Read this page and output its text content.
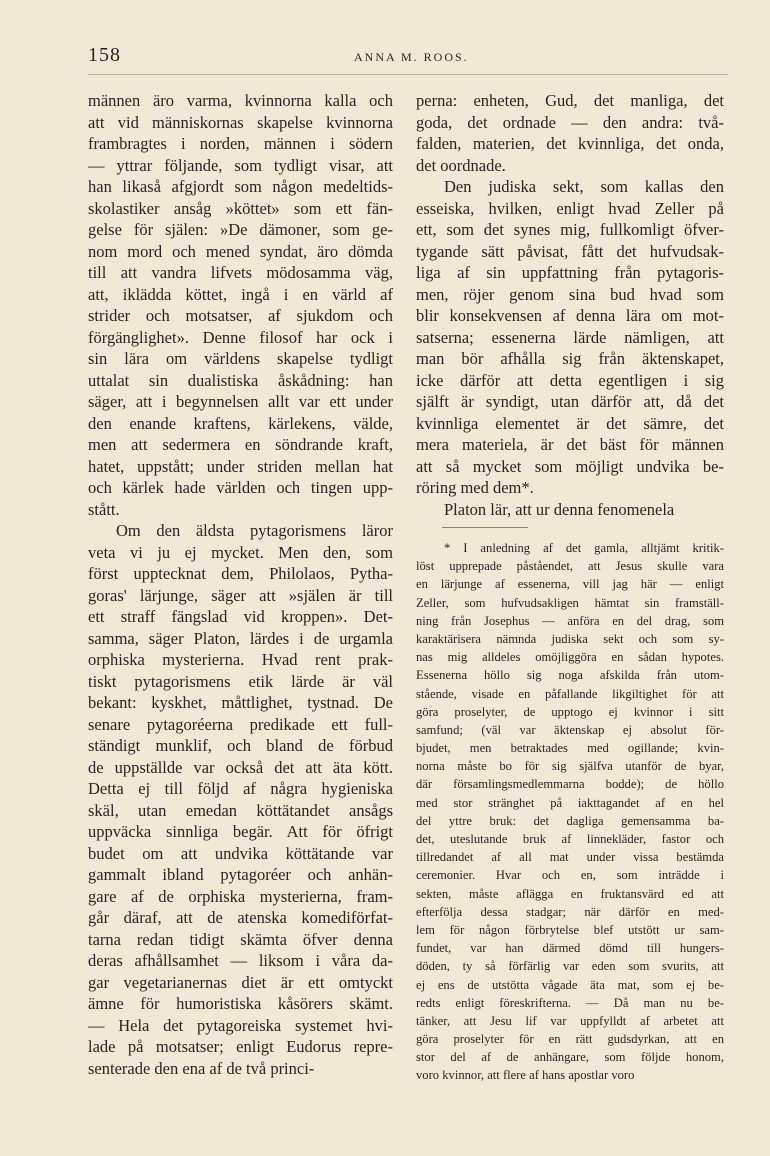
158	ANNA M. ROOS.
männen äro varma, kvinnorna kalla och
att vid människornas skapelse kvinnorna
frambragtes i norden, männen i södern
— yttrar följande, som tydligt visar, att
han likaså afgjordt som någon medeltids-
skolastiker ansåg »köttet» som ett fän-
gelse för själen: »De dämoner, som ge-
nom mord och mened syndat, äro dömda
till att vandra lifvets mödosamma väg,
att, iklädda köttet, ingå i en värld af
strider och motsatser, af sjukdom och
förgänglighet». Denne filosof har ock i
sin lära om världens skapelse tydligt
uttalat sin dualistiska åskådning: han
säger, att i begynnelsen allt var ett under
den enande kraftens, kärlekens, välde,
men att sedermera en söndrande kraft,
hatet, uppstått; under striden mellan hat
och kärlek hade världen och tingen upp-
stått.
Om den äldsta pytagorismens läror
veta vi ju ej mycket. Men den, som
först upptecknat dem, Philolaos, Pytha-
goras' lärjunge, säger att »själen är till
ett straff fängslad vid kroppen». Det-
samma, säger Platon, lärdes i de urgamla
orphiska mysterierna. Hvad rent prak-
tiskt pytagorismens etik lärde är väl
bekant: kyskhet, måttlighet, tystnad. De
senare pytagoréerna predikade ett full-
ständigt munklif, och bland de förbud
de uppställde var också det att äta kött.
Detta ej till följd af några hygieniska
skäl, utan emedan köttätandet ansågs
uppväcka sinnliga begär. Att för öfrigt
budet om att undvika köttätande var
gammalt ibland pytagoréer och anhän-
gare af de orphiska mysterierna, fram-
går däraf, att de atenska komediförfat-
tarna redan tidigt skämta öfver denna
deras afhållsamhet — liksom i våra da-
gar vegetarianernas diet är ett omtyckt
ämne för humoristiska kåsörers skämt.
— Hela det pytagoreiska systemet hvi-
lade på motsatser; enligt Eudorus repre-
senterade den ena af de två princi-
perna: enheten, Gud, det manliga, det
goda, det ordnade — den andra: två-
falden, materien, det kvinnliga, det onda,
det oordnade.
Den judiska sekt, som kallas den
esseiska, hvilken, enligt hvad Zeller på
ett, som det synes mig, fullkomligt öfver-
tygande sätt påvisat, fått det hufvudsak-
liga af sin uppfattning från pytagoris-
men, röjer genom sina bud hvad som
blir konsekvensen af denna lära om mot-
satserna; essenerna lärde nämligen, att
man bör afhålla sig från äktenskapet,
icke därför att detta egentligen i sig
själft är syndigt, utan därför att, då det
kvinnliga elementet är det sämre, det
mera materiela, är det bäst för männen
att så mycket som möjligt undvika be-
röring med dem*.
Platon lär, att ur denna fenomenela
* I anledning af det gamla, alltjämt kritik-
löst upprepade påståendet, att Jesus skulle vara
en lärjunge af essenerna, vill jag här — enligt
Zeller, som hufvudsakligen hämtat sin framställ-
ning från Josephus — anföra en del drag, som
karaktärisera nämnda judiska sekt och som sy-
nas mig alldeles omöjliggöra en sådan hypotes.
Essenerna höllo sig noga afskilda från utom-
stående, visade en påfallande likgiltighet för att
göra proselyter, de upptogo ej kvinnor i sitt
samfund; (väl var äktenskap ej absolut för-
bjudet, men betraktades med ogillande; kvin-
norna måste bo för sig själfva utanför de byar,
där församlingsmedlemmarna bodde); de höllo
med stor stränghet på iakttagandet af en hel
del yttre bruk: det dagliga gemensamma ba-
det, uteslutande bruk af linnekläder, fastor och
tillredandet af all mat under vissa bestämda
ceremonier. Hvar och en, som inträdde i
sekten, måste aflägga en fruktansvärd ed att
efterfölja dessa stadgar; när därför en med-
lem för någon förbrytelse blef utstött ur sam-
fundet, var han därmed dömd till hungers-
döden, ty så förfärlig var eden som svurits, att
ej ens de utstötta vågade äta mat, som ej be-
redts enligt föreskrifterna. — Då man nu be-
tänker, att Jesu lif var uppfylldt af arbetet att
göra proselyter för en rätt gudsdyrkan, att en
stor del af de anhängare, som följde honom,
voro kvinnor, att flere af hans apostlar voro
